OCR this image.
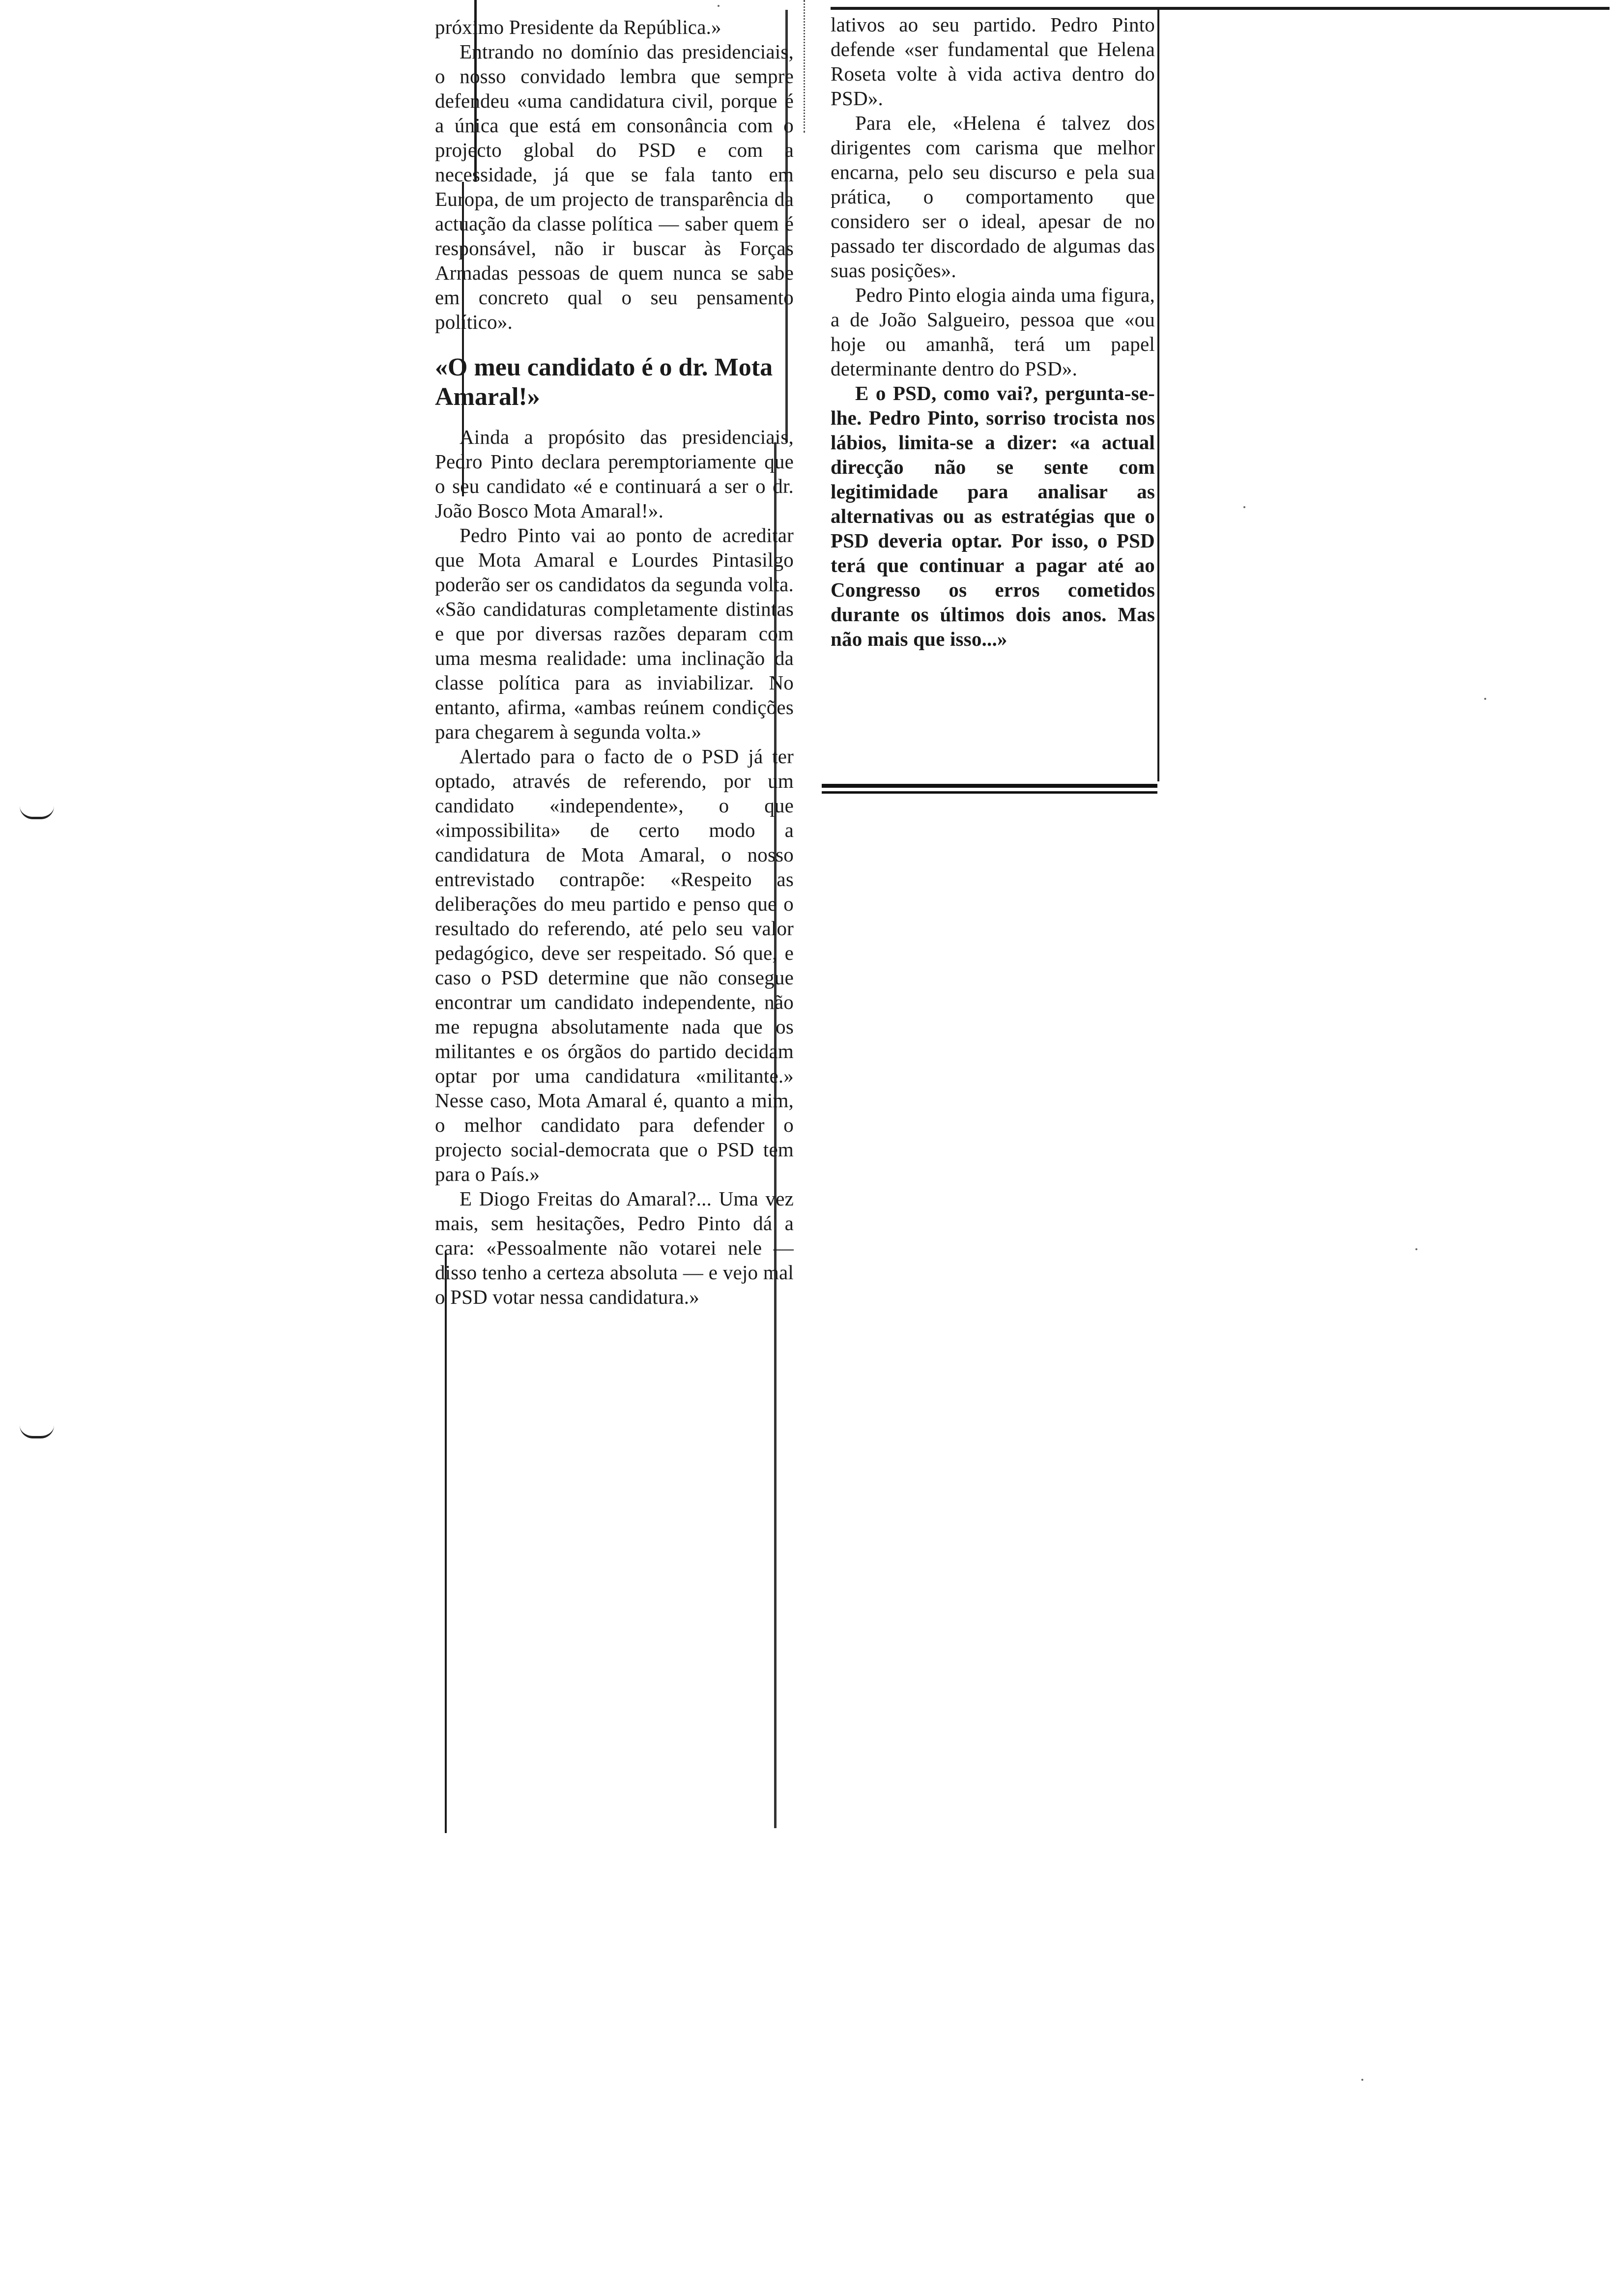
próximo Presidente da República.»

Entrando no domínio das presidenciais, o nosso convidado lembra que sempre defendeu «uma candidatura civil, porque é a única que está em consonância com o projecto global do PSD e com a necessidade, já que se fala tanto em Europa, de um projecto de transparência da actuação da classe política — saber quem é responsável, não ir buscar às Forças Armadas pessoas de quem nunca se sabe em concreto qual o seu pensamento político».

«O meu candidato é o dr. Mota Amaral!»

Ainda a propósito das presidenciais, Pedro Pinto declara peremptoriamente que o seu candidato «é e continuará a ser o dr. João Bosco Mota Amaral!».

Pedro Pinto vai ao ponto de acreditar que Mota Amaral e Lourdes Pintasilgo poderão ser os candidatos da segunda volta. «São candidaturas completamente distintas e que por diversas razões deparam com uma mesma realidade: uma inclinação da classe política para as inviabilizar. No entanto, afirma, «ambas reúnem condições para chegarem à segunda volta.»

Alertado para o facto de o PSD já ter optado, através de referendo, por um candidato «independente», o que «impossibilita» de certo modo a candidatura de Mota Amaral, o nosso entrevistado contrapõe: «Respeito as deliberações do meu partido e penso que o resultado do referendo, até pelo seu valor pedagógico, deve ser respeitado. Só que, e caso o PSD determine que não consegue encontrar um candidato independente, não me repugna absolutamente nada que os militantes e os órgãos do partido decidam optar por uma candidatura «militante.» Nesse caso, Mota Amaral é, quanto a mim, o melhor candidato para defender o projecto social-democrata que o PSD tem para o País.»

E Diogo Freitas do Amaral?... Uma vez mais, sem hesitações, Pedro Pinto dá a cara: «Pessoalmente não votarei nele — disso tenho a certeza absoluta — e vejo mal o PSD votar nessa candidatura.»

lativos ao seu partido. Pedro Pinto defende «ser fundamental que Helena Roseta volte à vida activa dentro do PSD».

Para ele, «Helena é talvez dos dirigentes com carisma que melhor encarna, pelo seu discurso e pela sua prática, o comportamento que considero ser o ideal, apesar de no passado ter discordado de algumas das suas posições».

Pedro Pinto elogia ainda uma figura, a de João Salgueiro, pessoa que «ou hoje ou amanhã, terá um papel determinante dentro do PSD».

E o PSD, como vai?, pergunta-se-lhe. Pedro Pinto, sorriso trocista nos lábios, limita-se a dizer: «a actual direcção não se sente com legitimidade para analisar as alternativas ou as estratégias que o PSD deveria optar. Por isso, o PSD terá que continuar a pagar até ao Congresso os erros cometidos durante os últimos dois anos. Mas não mais que isso...»
